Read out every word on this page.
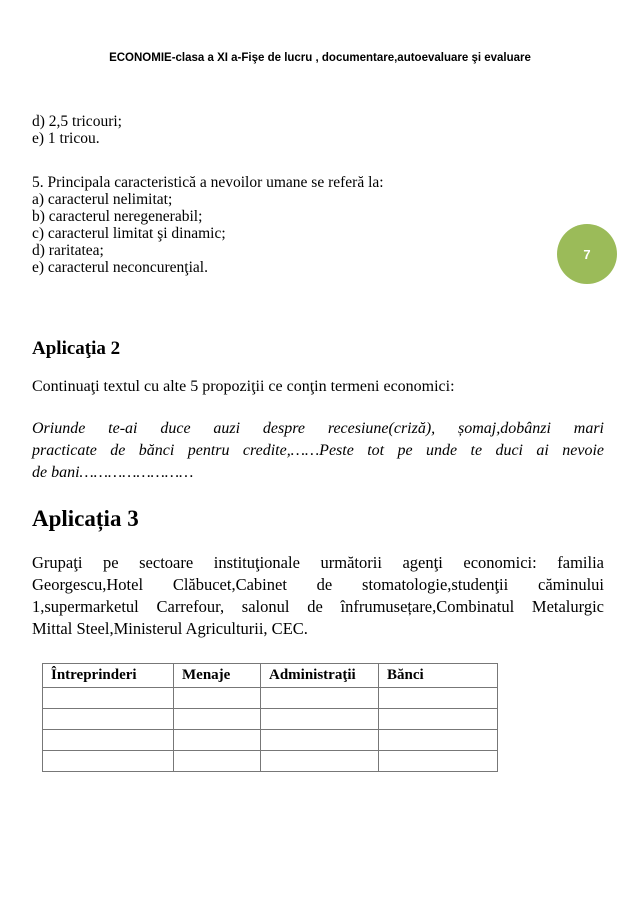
ECONOMIE-clasa a XI a-Fişe de lucru , documentare,autoevaluare şi evaluare
d) 2,5 tricouri;
e) 1 tricou.
5. Principala caracteristică a nevoilor umane se referă la:
a) caracterul nelimitat;
b) caracterul neregenerabil;
c) caracterul limitat şi dinamic;
d) raritatea;
e) caracterul neconcurenţial.
7
Aplicaţia 2
Continuaţi textul cu alte 5 propoziţii ce conţin termeni economici:
Oriunde te-ai duce auzi despre recesiune(criză), șomaj,dobânzi mari
practicate de bănci pentru credite,……Peste tot pe unde te duci ai nevoie
de bani……………………
Aplicația 3
Grupaţi pe sectoare instituţionale următorii agenţi economici: familia
Georgescu,Hotel Clăbucet,Cabinet de stomatologie,studenţii căminului
1,supermarketul Carrefour, salonul de înfrumusețare,Combinatul Metalurgic
Mittal Steel,Ministerul Agriculturii, CEC.
Întreprinderi	Menaje	Administraţii	Bănci
